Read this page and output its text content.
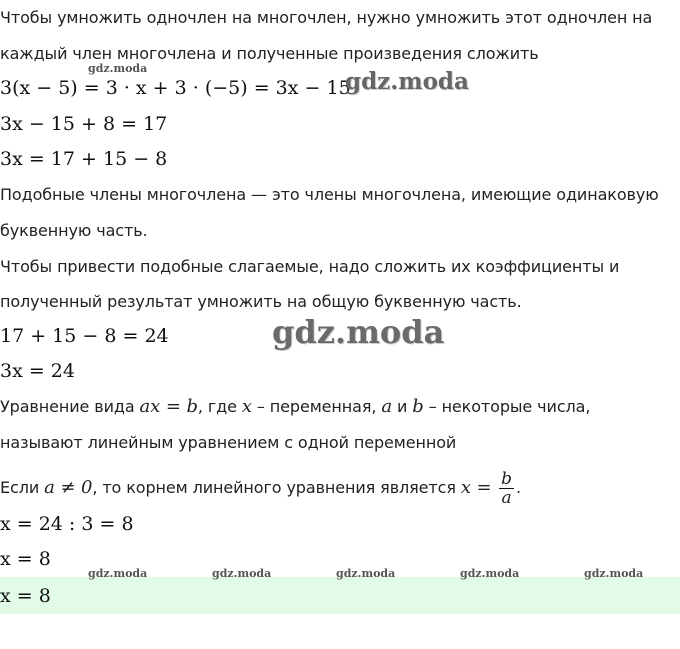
Чтобы умножить одночлен на многочлен, нужно умножить этот одночлен на
каждый член многочлена и полученные произведения сложить
3(x − 5) = 3 · x + 3 · (−5) = 3x − 15
3x − 15 + 8 = 17
3x = 17 + 15 − 8
Подобные члены многочлена — это члены многочлена, имеющие одинаковую
буквенную часть.
Чтобы привести подобные слагаемые, надо сложить их коэффициенты и
полученный результат умножить на общую буквенную часть.
17 + 15 − 8 = 24
3x = 24
Уравнение вида ax = b, где x – переменная, a и b – некоторые числа,
называют линейным уравнением с одной переменной
Если a ≠ 0, то корнем линейного уравнения является $x = \frac{b}{a}$ .
x = 24 : 3 = 8
x = 8
x = 8
gdz.moda	gdz.moda
gdz.moda
gdz.moda	gdz.moda	gdz.moda	gdz.moda	gdz.moda
